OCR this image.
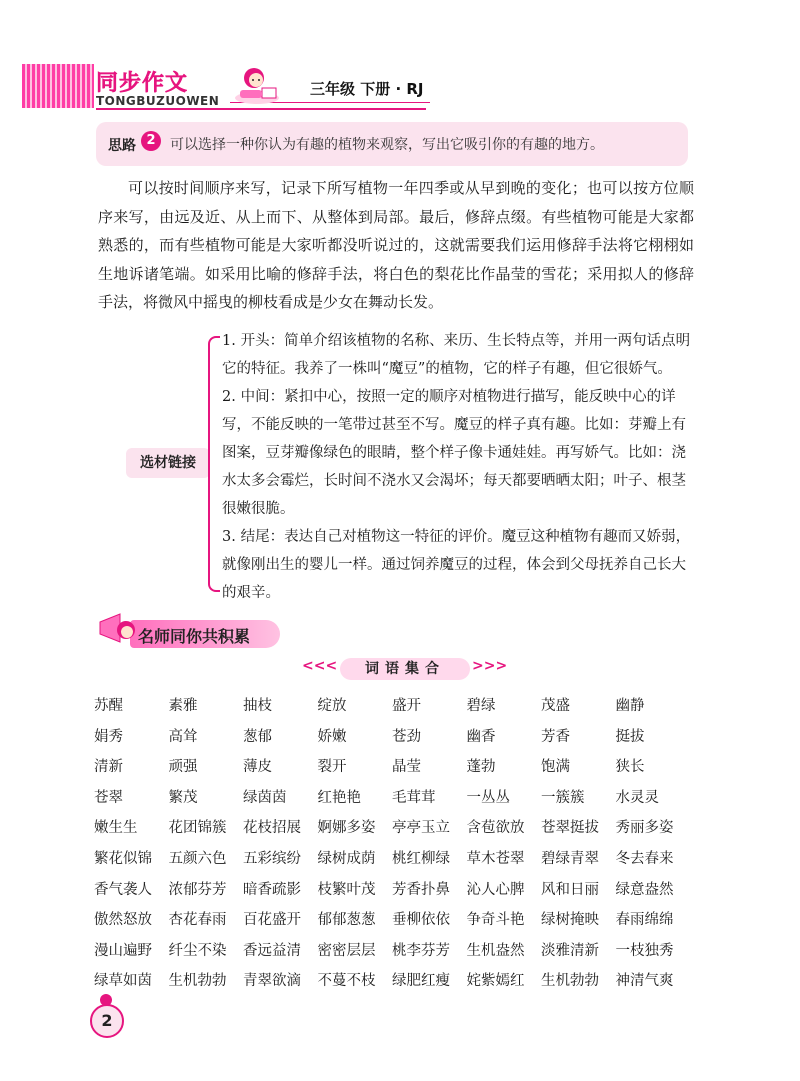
同步作文
TONGBUZUOWEN
三年级 下册 · RJ
思路 2	可以选择一种你认为有趣的植物来观察，写出它吸引你的有趣的地方。
可以按时间顺序来写，记录下所写植物一年四季或从早到晚的变化；也可以按方位顺序来写，由远及近、从上而下、从整体到局部。最后，修辞点缀。有些植物可能是大家都熟悉的，而有些植物可能是大家听都没听说过的，这就需要我们运用修辞手法将它栩栩如生地诉诸笔端。如采用比喻的修辞手法，将白色的梨花比作晶莹的雪花；采用拟人的修辞手法，将微风中摇曳的柳枝看成是少女在舞动长发。
选材链接
1. 开头：简单介绍该植物的名称、来历、生长特点等，并用一两句话点明它的特征。我养了一株叫“魔豆”的植物，它的样子有趣，但它很娇气。
2. 中间：紧扣中心，按照一定的顺序对植物进行描写，能反映中心的详写，不能反映的一笔带过甚至不写。魔豆的样子真有趣。比如：芽瓣上有图案，豆芽瓣像绿色的眼睛，整个样子像卡通娃娃。再写娇气。比如：浇水太多会霉烂，长时间不浇水又会渴坏；每天都要晒晒太阳；叶子、根茎很嫩很脆。
3. 结尾：表达自己对植物这一特征的评价。魔豆这种植物有趣而又娇弱，就像刚出生的婴儿一样。通过饲养魔豆的过程，体会到父母抚养自己长大的艰辛。
名师同你共积累
<<<	词语集合	>>>
苏醒	素雅	抽枝	绽放	盛开	碧绿	茂盛	幽静
娟秀	高耸	葱郁	娇嫩	苍劲	幽香	芳香	挺拔
清新	顽强	薄皮	裂开	晶莹	蓬勃	饱满	狭长
苍翠	繁茂	绿茵茵	红艳艳	毛茸茸	一丛丛	一簇簇	水灵灵
嫩生生	花团锦簇	花枝招展	婀娜多姿	亭亭玉立	含苞欲放	苍翠挺拔	秀丽多姿
繁花似锦	五颜六色	五彩缤纷	绿树成荫	桃红柳绿	草木苍翠	碧绿青翠	冬去春来
香气袭人	浓郁芬芳	暗香疏影	枝繁叶茂	芳香扑鼻	沁人心脾	风和日丽	绿意盎然
傲然怒放	杏花春雨	百花盛开	郁郁葱葱	垂柳依依	争奇斗艳	绿树掩映	春雨绵绵
漫山遍野	纤尘不染	香远益清	密密层层	桃李芬芳	生机盎然	淡雅清新	一枝独秀
绿草如茵	生机勃勃	青翠欲滴	不蔓不枝	绿肥红瘦	姹紫嫣红	生机勃勃	神清气爽
2
